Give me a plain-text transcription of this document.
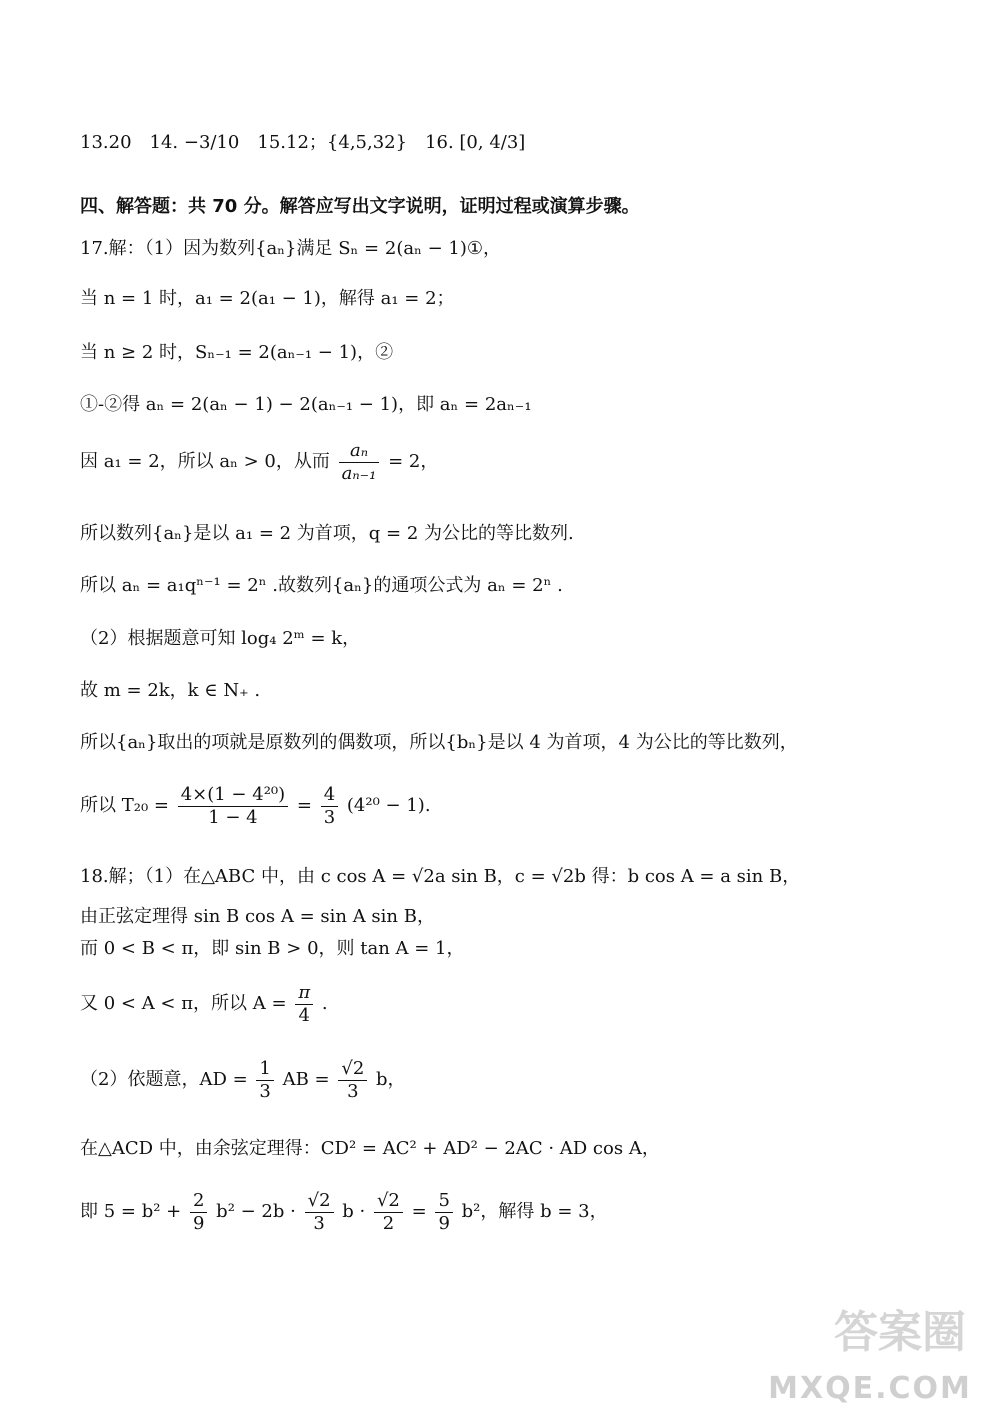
13.20　14. −3/10　15.12；{4,5,32}　16. [0, 4/3]
四、解答题：共 70 分。解答应写出文字说明，证明过程或演算步骤。
17.解：（1）因为数列{aₙ}满足 Sₙ = 2(aₙ − 1)①，
当 n = 1 时，a₁ = 2(a₁ − 1)，解得 a₁ = 2；
当 n ≥ 2 时，Sₙ₋₁ = 2(aₙ₋₁ − 1)，②
①-②得 aₙ = 2(aₙ − 1) − 2(aₙ₋₁ − 1)，即 aₙ = 2aₙ₋₁
因 a₁ = 2，所以 aₙ > 0，从而 $\frac{\text{aₙ}}{\text{aₙ₋₁}} = 2$，
所以数列{aₙ}是以 a₁ = 2 为首项，q = 2 为公比的等比数列.
所以 aₙ = a₁qⁿ⁻¹ = 2ⁿ .故数列{aₙ}的通项公式为 aₙ = 2ⁿ .
（2）根据题意可知 log₄ 2ᵐ = k，
故 m = 2k，k ∈ N₊ .
所以{aₙ}取出的项就是原数列的偶数项，所以{bₙ}是以 4 为首项，4 为公比的等比数列，
所以 $T_{20} = \frac{\text{4×(1 − 4²⁰)}}{1 - 4} = \frac{4}{3} (4^{20} - 1)$.
18.解；（1）在△ABC 中，由 c cos A = √2a sin B，c = √2b 得：b cos A = a sin B，
由正弦定理得 sin B cos A = sin A sin B，
而 0 < B < π，即 sin B > 0，则 tan A = 1，
又 0 < A < π，所以 $A = \frac{\pi}{4}$ .
（2）依题意，AD = $\frac{1}{3}$ AB = $\frac{√2}{3}$ b，
在△ACD 中，由余弦定理得：CD² = AC² + AD² − 2AC · AD cos A，
即 $5 = b^2 + \frac{2}{9} b^2 - 2b \cdot \frac{√2}{3}$ $b \cdot \frac{√2}{2} = \frac{5}{9} b^2$，解得 b = 3，
答案圈
MXQE.COM
